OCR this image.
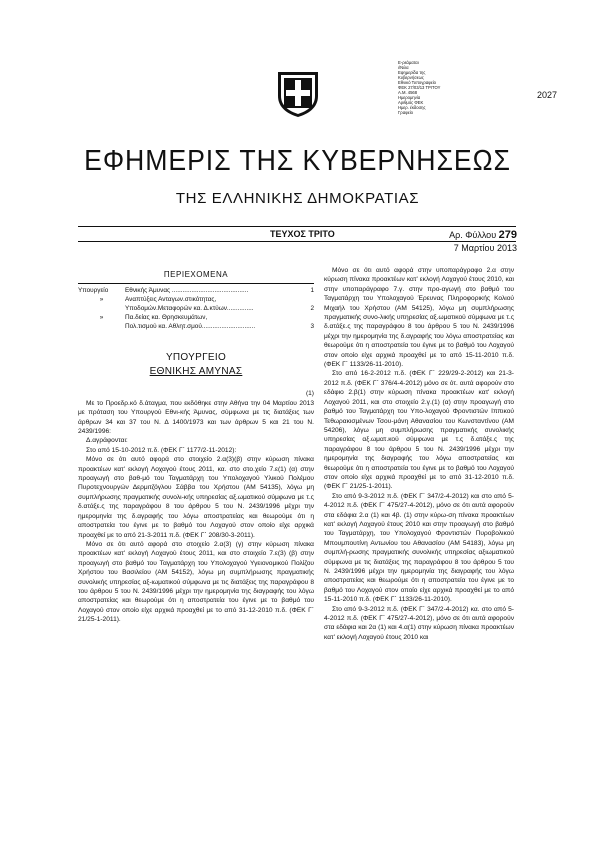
2027
Ε-ρεάμαται
ι/Νιλα
Εφημερίδα της
Κυβερνήσεως
Εθνικό Τυπογραφείο
ΦΕΚ 27/03/13 ΤΡΙΤΟΥ
Α.Μ. 4568
Ημερομηνία
Αριθμός ΦΕΚ
Ημερ. έκδοσης
Γραφείο
ΕΦΗΜΕΡΙΣ ΤΗΣ ΚΥΒΕΡΝΗΣΕΩΣ
ΤΗΣ ΕΛΛΗΝΙΚΗΣ ΔΗΜΟΚΡΑΤΙΑΣ
ΤΕΥΧΟΣ ΤΡΙΤΟ	Αρ. Φύλλου 279
7 Μαρτίου 2013
ΠΕΡΙΕΧΟΜΕΝΑ
Υπουργείο	Εθνικής Άμυνας ...........................................	1
»	Αναπτύξεις Ανταγων.στικότητας,
Υποδομών.Μεταφορών κα. Δ.κτύων...............	2
»	Πα.δείας κα. Θρησκευμάτων,
Πολ.τισμού κα. Αθλητ.σμού..............................	3
ΥΠΟΥΡΓΕΙΟ
ΕΘΝΙΚΗΣ ΑΜΥΝΑΣ
(1)

Με το Προεδρ.κό δ.άταγμα, που εκδόθηκε στην Αθήνα την 04 Μαρτίου 2013 με πρόταση του Υπουργού Εθνι-κής Άμυνας, σύμφωνα με τις διατάξεις των άρθρων 34 και 37 του Ν. Δ 1400/1973 και των άρθρων 5 και 21 του Ν. 2439/1996:

Δ.αγράφονται:

Στο από 15-10-2012 π.δ. (ΦΕΚ Γ΄ 1177/2-11-2012):

Μόνο σε ότι αυτό αφορά στο στοιχείο 2.α(3)(β) στην κύρωση πίνακα προακτέων κατ' εκλογή Λοχαγού έτους 2011, κα. στο στο.χείο 7.ε(1) (α) στην προαγωγή στο βαθ-μό του Ταγματάρχη του Υπολοχαγού Υλικού Πολέμου Πυροτεχνουργών Δερμιτζόγλου Σάββα του Χρήστου (ΑΜ 54135), λόγω μη συμπλήρωσης πραγματικής συνολι-κής υπηρεσίας αξ.ωματικού σύμφωνα με τ.ς δ.ατάξε.ς της παραγράφου 8 του άρθρου 5 του Ν. 2439/1996 μέχρι την ημερομηνία της δ.αγραφής του λόγω αποστρατείας και θεωρούμε ότι η αποστρατεία του έγινε με το βαθμό του Λοχαγού στον οποίο είχε αρχικά προαχθεί με το από 21-3-2011 π.δ. (ΦΕΚ Γ΄ 208/30-3-2011).

Μόνο σε ότι αυτό αφορά στο στοιχείο 2.α(3) (γ) στην κύρωση πίνακα προακτέων κατ' εκλογή Λοχαγού έτους 2011, και στο στοιχείο 7.ε(3) (β) στην προαγωγή στο βαθμό του Ταγματάρχη του Υπολοχαγού Υγειονομικού Πολίζου Χρήστου του Βασιλείου (ΑΜ 54152), λόγω μη συμπλήρωσης πραγματικής συνολικής υπηρεσίας αξ-ιωματικού σύμφωνα με τις διατάξεις της παραγράφου 8 του άρθρου 5 του Ν. 2439/1996 μέχρι την ημερομηνία της διαγραφής του λόγω αποστρατείας και θεωρούμε ότι η αποστρατεία του έγινε με το βαθμό του Λοχαγού στον οποίο είχε αρχικά προαχθεί με το από 31-12-2010 π.δ. (ΦΕΚ Γ΄ 21/25-1-2011).

Μόνο σε ότι αυτό αφορά στην υποπαράγραφο 2.α στην κύρωση πίνακα προακτέων κατ' εκλογή Λοχαγού έτους 2010, και στην υποπαράγραφο 7.γ. στην προ-αγωγή στο βαθμό του Ταγματάρχη του Υπολοχαγού Έρευνας Πληροφορικής Κολιού Μιχαήλ του Χρήστου (ΑΜ 54125), λόγω μη συμπλήρωσης πραγματικής συνο-λικής υπηρεσίας αξ.ωματικού σύμφωνα με τ.ς δ.ατάξε.ς της παραγράφου 8 του άρθρου 5 του Ν. 2439/1996 μέχρι την ημερομηνία της δ.αγραφής του λόγω αποστρατείας και θεωρούμε ότι η αποστρατεία του έγινε με το βαθμό του Λοχαγού στον οποίο είχε αρχικά προαχθεί με το από 15-11-2010 π.δ. (ΦΕΚ Γ΄ 1133/26-11-2010).

Στο από 16-2-2012 π.δ. (ΦΕΚ Γ΄ 229/29-2-2012) και 21-3-2012 π.δ. (ΦΕΚ Γ΄ 376/4-4-2012) μόνο σε ότ. αυτά αφορούν στο εδάφιο 2.β(1) στην κύρωση πίνακα προακτέων κατ' εκλογή Λοχαγού 2011, και στο στοιχείο 2.γ.(1) (α) στην προαγωγή στο βαθμό του Ταγματάρχη του Υπο-λοχαγού Φροντιστών Ιππικού Τεθωρακισμένων Τσου-μάνη Αθανασίου του Κωνσταντίνου (ΑΜ 54206), λόγω μη συμπλήρωσης πραγματικής συνολικής υπηρεσίας αξ.ωματ.κού σύμφωνα με τ.ς δ.ατάξε.ς της παραγράφου 8 του άρθρου 5 του Ν. 2439/1996 μέχρι την ημερομηνία της διαγραφής του λόγω αποστρατείας και θεωρούμε ότι η αποστρατεία του έγινε με το βαθμό του Λοχαγού στον οποίο είχε αρχικά προαχθεί με το από 31-12-2010 π.δ. (ΦΕΚ Γ΄ 21/25-1-2011).

Στο από 9-3-2012 π.δ. (ΦΕΚ Γ΄ 347/2-4-2012) και στο από 5-4-2012 π.δ. (ΦΕΚ Γ΄ 475/27-4-2012), μόνο σε ότι αυτά αφορούν στα εδάφια 2.α (1) και 4β. (1) στην κύρω-ση πίνακα προακτέων κατ' εκλογή Λοχαγού έτους 2010 και στην προαγωγή στο βαθμό του Ταγματάρχη, του Υπολοχαγού Φροντιστών Πυροβολικού Μπουμπουτίνη Αντωνίου του Αθανασίου (ΑΜ 54183), λόγω μη συμπλή-ρωσης πραγματικής συνολικής υπηρεσίας αξιωματικού σύμφωνα με τις διατάξεις της παραγράφου 8 του άρθρου 5 του Ν. 2439/1996 μέχρι την ημερομηνία της διαγραφής του λόγω αποστρατείας και θεωρούμε ότι η αποστρατεία του έγινε με το βαθμό του Λοχαγού στον οποίο είχε αρχικά προαχθεί με το από 15-11-2010 π.δ. (ΦΕΚ Γ΄ 1133/26-11-2010).

Στο από 9-3-2012 π.δ. (ΦΕΚ Γ΄ 347/2-4-2012) κα. στο από 5-4-2012 π.δ. (ΦΕΚ Γ΄ 475/27-4-2012), μόνο σε ότι αυτά αφορούν στα εδάφια και 2α (1) και 4.α(1) στην κύρωση πίνακα προακτέων κατ' εκλογή Λοχαγού έτους 2010 και
